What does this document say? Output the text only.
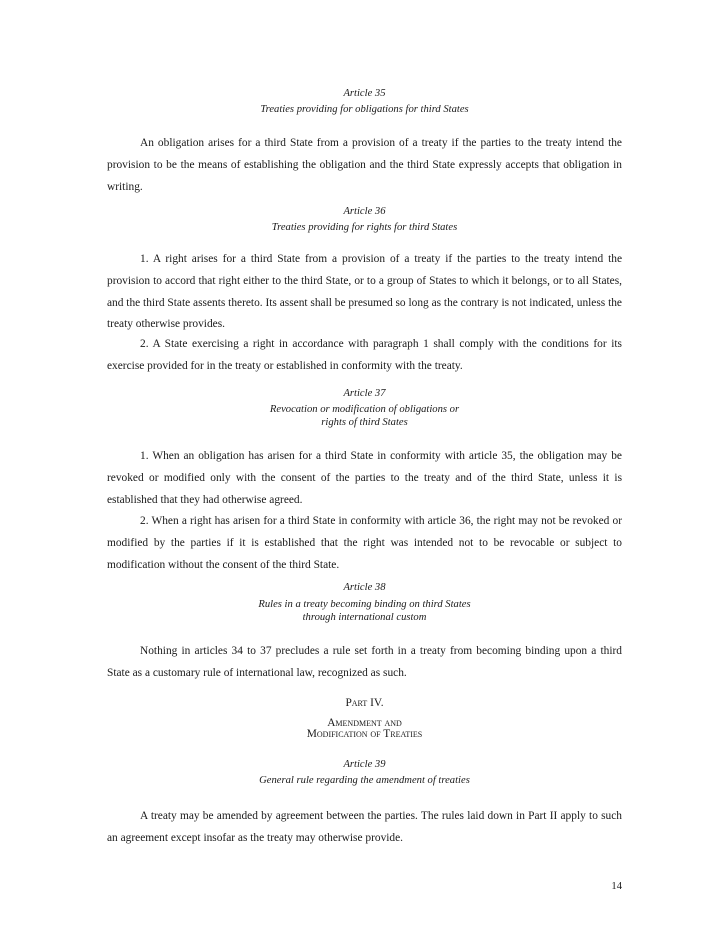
Article 35

Treaties providing for obligations for third States

An obligation arises for a third State from a provision of a treaty if the parties to the treaty intend the provision to be the means of establishing the obligation and the third State expressly accepts that obligation in writing.

Article 36

Treaties providing for rights for third States

1. A right arises for a third State from a provision of a treaty if the parties to the treaty intend the provision to accord that right either to the third State, or to a group of States to which it belongs, or to all States, and the third State assents thereto. Its assent shall be presumed so long as the contrary is not indicated, unless the treaty otherwise provides.

2. A State exercising a right in accordance with paragraph 1 shall comply with the conditions for its exercise provided for in the treaty or established in conformity with the treaty.

Article 37

Revocation or modification of obligations or

rights of third States

1. When an obligation has arisen for a third State in conformity with article 35, the obligation may be revoked or modified only with the consent of the parties to the treaty and of the third State, unless it is established that they had otherwise agreed.

2. When a right has arisen for a third State in conformity with article 36, the right may not be revoked or modified by the parties if it is established that the right was intended not to be revocable or subject to modification without the consent of the third State.

Article 38

Rules in a treaty becoming binding on third States

through international custom

Nothing in articles 34 to 37 precludes a rule set forth in a treaty from becoming binding upon a third State as a customary rule of international law, recognized as such.

Part IV.

Amendment and

Modification of Treaties

Article 39

General rule regarding the amendment of treaties

A treaty may be amended by agreement between the parties. The rules laid down in Part II apply to such an agreement except insofar as the treaty may otherwise provide.

14
